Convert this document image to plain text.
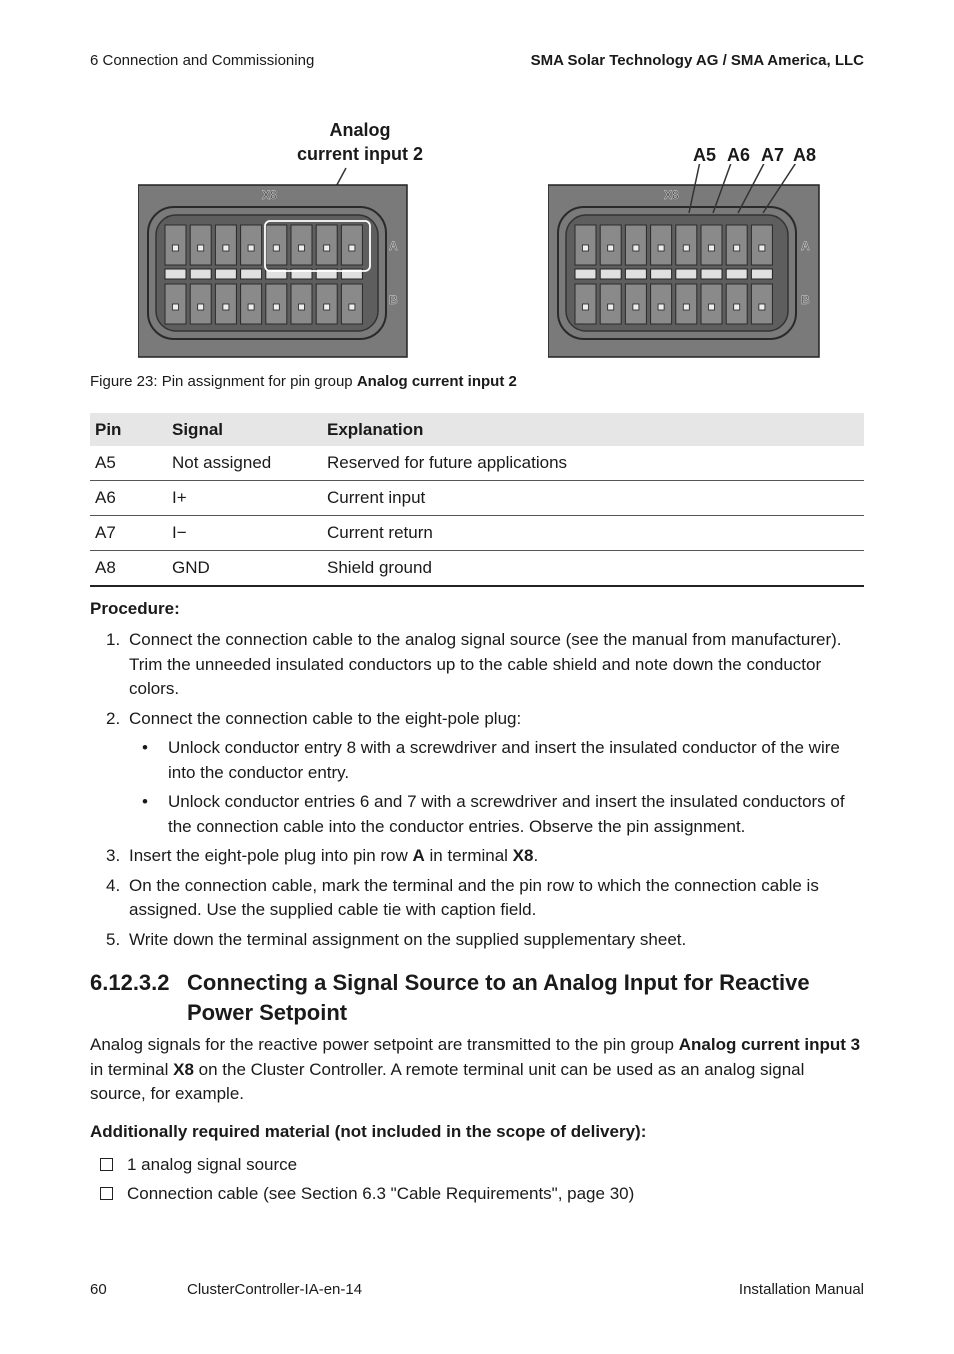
6 Connection and Commissioning	SMA Solar Technology AG / SMA America, LLC
Analog
current input 2	A5 A6 A7 A8
X8
A
B
X8
A
B
Figure 23: Pin assignment for pin group Analog current input 2
Pin	Signal	Explanation
A5	Not assigned	Reserved for future applications
A6	I+	Current input
A7	I−	Current return
A8	GND	Shield ground
Procedure:
1. Connect the connection cable to the analog signal source (see the manual from manufacturer). Trim the unneeded insulated conductors up to the cable shield and note down the conductor colors.
2. Connect the connection cable to the eight-pole plug:
• Unlock conductor entry 8 with a screwdriver and insert the insulated conductor of the wire into the conductor entry.
• Unlock conductor entries 6 and 7 with a screwdriver and insert the insulated conductors of the connection cable into the conductor entries. Observe the pin assignment.
3. Insert the eight-pole plug into pin row A in terminal X8.
4. On the connection cable, mark the terminal and the pin row to which the connection cable is assigned. Use the supplied cable tie with caption field.
5. Write down the terminal assignment on the supplied supplementary sheet.
6.12.3.2 Connecting a Signal Source to an Analog Input for Reactive
Power Setpoint
Analog signals for the reactive power setpoint are transmitted to the pin group Analog current input 3 in terminal X8 on the Cluster Controller. A remote terminal unit can be used as an analog signal source, for example.
Additionally required material (not included in the scope of delivery):
1 analog signal source
Connection cable (see Section 6.3 "Cable Requirements", page 30)
60	ClusterController-IA-en-14	Installation Manual
